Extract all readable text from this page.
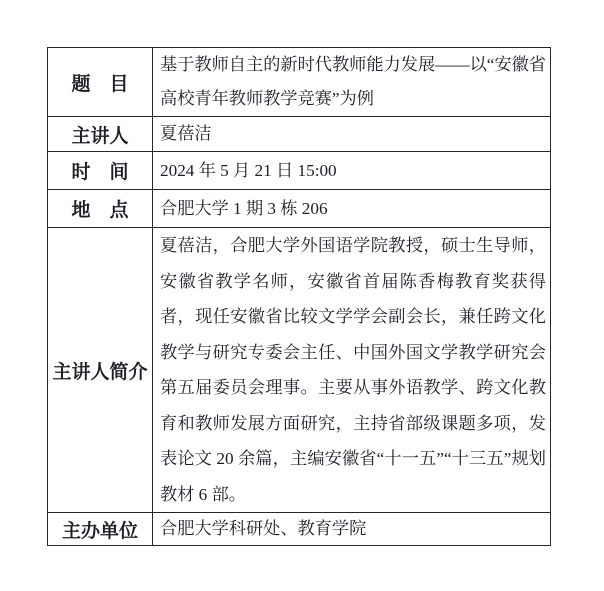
题　目	基于教师自主的新时代教师能力发展——以“安徽省高校青年教师教学竞赛”为例
主讲人	夏蓓洁
时　间	2024 年 5 月 21 日 15:00
地　点	合肥大学 1 期 3 栋 206
主讲人简介	夏蓓洁，合肥大学外国语学院教授，硕士生导师，安徽省教学名师，安徽省首届陈香梅教育奖获得者，现任安徽省比较文学学会副会长，兼任跨文化教学与研究专委会主任、中国外国文学教学研究会第五届委员会理事。主要从事外语教学、跨文化教育和教师发展方面研究，主持省部级课题多项，发表论文 20 余篇，主编安徽省“十一五”“十三五”规划教材 6 部。
主办单位	合肥大学科研处、教育学院
